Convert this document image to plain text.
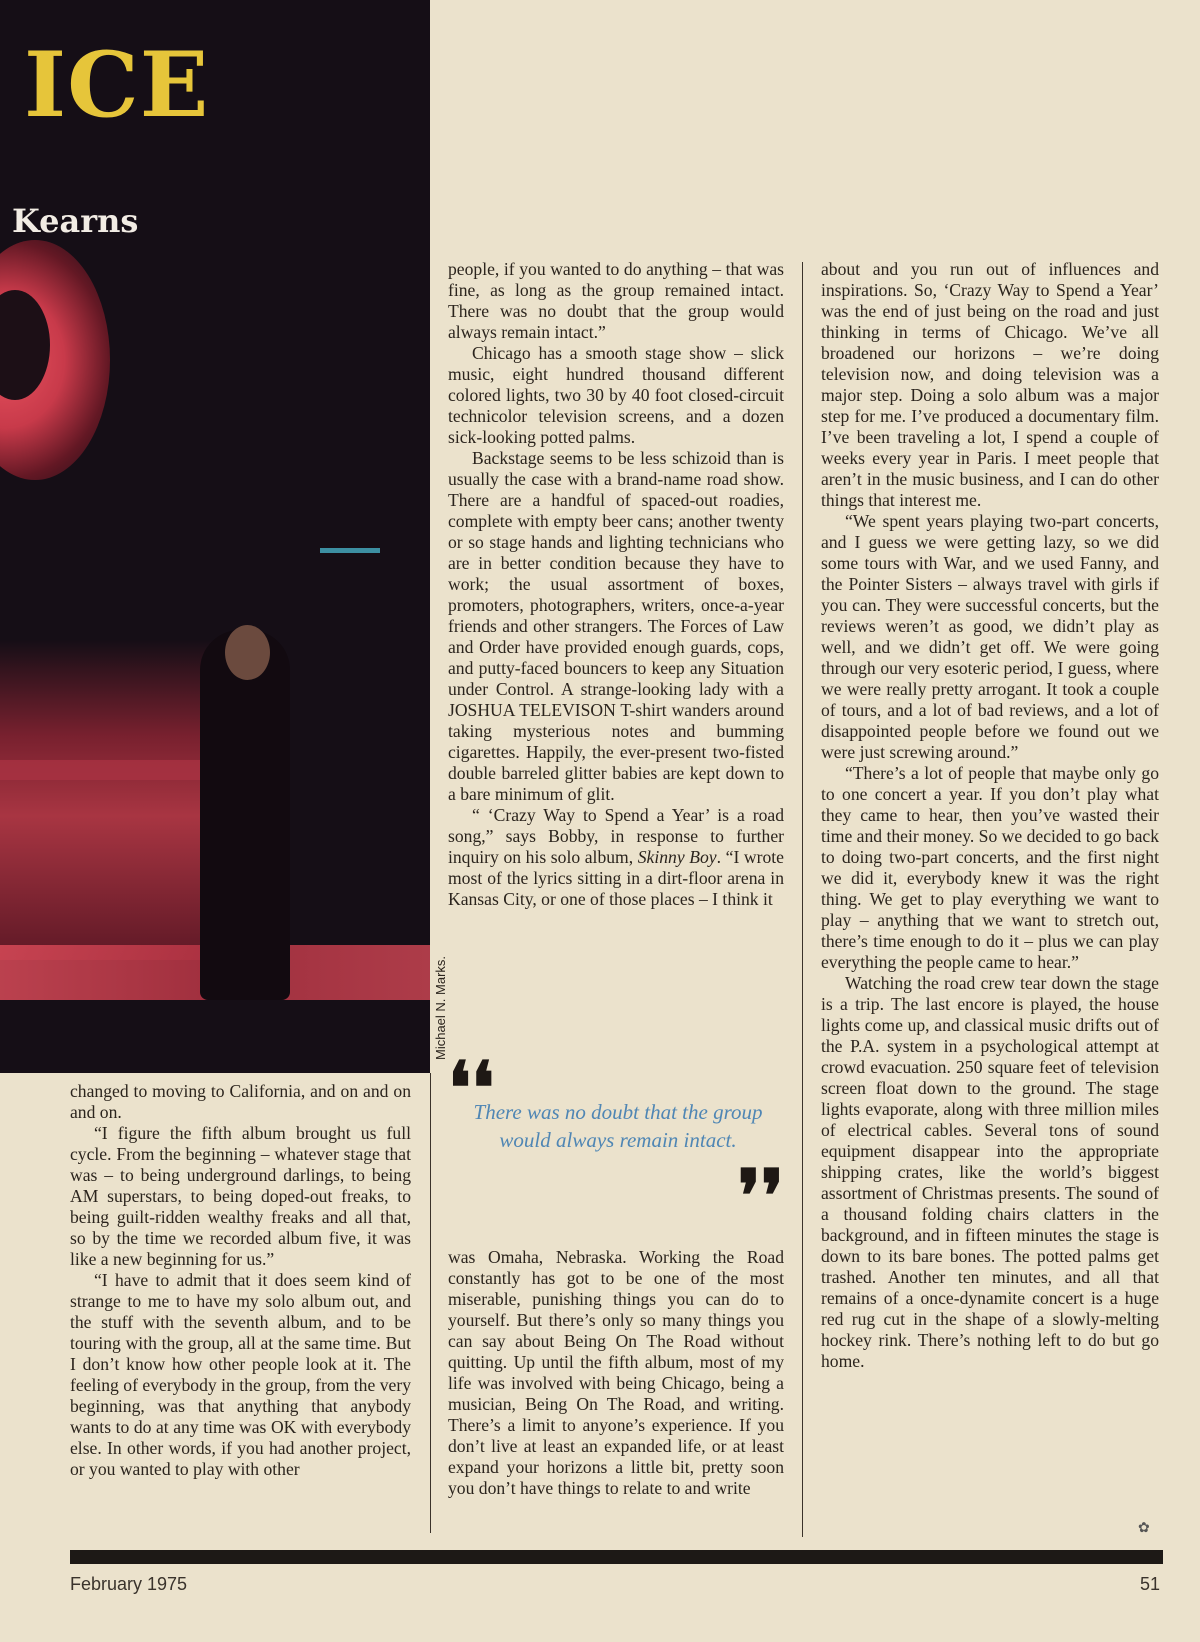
ICE
Kearns
Michael N. Marks.

changed to moving to California, and on and on and on.

“I figure the fifth album brought us full cycle. From the beginning – whatever stage that was – to being underground darlings, to being AM superstars, to being doped-out freaks, to being guilt-ridden wealthy freaks and all that, so by the time we recorded album five, it was like a new beginning for us.”

“I have to admit that it does seem kind of strange to me to have my solo album out, and the stuff with the seventh album, and to be touring with the group, all at the same time. But I don’t know how other people look at it. The feeling of everybody in the group, from the very beginning, was that anything that anybody wants to do at any time was OK with everybody else. In other words, if you had another project, or you wanted to play with other

people, if you wanted to do anything – that was fine, as long as the group remained intact. There was no doubt that the group would always remain intact.”

Chicago has a smooth stage show – slick music, eight hundred thousand different colored lights, two 30 by 40 foot closed-circuit technicolor television screens, and a dozen sick-looking potted palms.

Backstage seems to be less schizoid than is usually the case with a brand-name road show. There are a handful of spaced-out roadies, complete with empty beer cans; another twenty or so stage hands and lighting technicians who are in better condition because they have to work; the usual assortment of boxes, promoters, photographers, writers, once-a-year friends and other strangers. The Forces of Law and Order have provided enough guards, cops, and putty-faced bouncers to keep any Situation under Control. A strange-looking lady with a JOSHUA TELEVISON T-shirt wanders around taking mysterious notes and bumming cigarettes. Happily, the ever-present two-fisted double barreled glitter babies are kept down to a bare minimum of glit.

“ ‘Crazy Way to Spend a Year’ is a road song,” says Bobby, in response to further inquiry on his solo album, Skinny Boy. “I wrote most of the lyrics sitting in a dirt-floor arena in Kansas City, or one of those places – I think it

❛❛

There was no doubt that the group would always remain intact.

❜❜

was Omaha, Nebraska. Working the Road constantly has got to be one of the most miserable, punishing things you can do to yourself. But there’s only so many things you can say about Being On The Road without quitting. Up until the fifth album, most of my life was involved with being Chicago, being a musician, Being On The Road, and writing. There’s a limit to anyone’s experience. If you don’t live at least an expanded life, or at least expand your horizons a little bit, pretty soon you don’t have things to relate to and write

about and you run out of influences and inspirations. So, ‘Crazy Way to Spend a Year’ was the end of just being on the road and just thinking in terms of Chicago. We’ve all broadened our horizons – we’re doing television now, and doing television was a major step. Doing a solo album was a major step for me. I’ve produced a documentary film. I’ve been traveling a lot, I spend a couple of weeks every year in Paris. I meet people that aren’t in the music business, and I can do other things that interest me.

“We spent years playing two-part concerts, and I guess we were getting lazy, so we did some tours with War, and we used Fanny, and the Pointer Sisters – always travel with girls if you can. They were successful concerts, but the reviews weren’t as good, we didn’t play as well, and we didn’t get off. We were going through our very esoteric period, I guess, where we were really pretty arrogant. It took a couple of tours, and a lot of bad reviews, and a lot of disappointed people before we found out we were just screwing around.”

“There’s a lot of people that maybe only go to one concert a year. If you don’t play what they came to hear, then you’ve wasted their time and their money. So we decided to go back to doing two-part concerts, and the first night we did it, everybody knew it was the right thing. We get to play everything we want to play – anything that we want to stretch out, there’s time enough to do it – plus we can play everything the people came to hear.”

Watching the road crew tear down the stage is a trip. The last encore is played, the house lights come up, and classical music drifts out of the P.A. system in a psychological attempt at crowd evacuation. 250 square feet of television screen float down to the ground. The stage lights evaporate, along with three million miles of electrical cables. Several tons of sound equipment disappear into the appropriate shipping crates, like the world’s biggest assortment of Christmas presents. The sound of a thousand folding chairs clatters in the background, and in fifteen minutes the stage is down to its bare bones. The potted palms get trashed. Another ten minutes, and all that remains of a once-dynamite concert is a huge red rug cut in the shape of a slowly-melting hockey rink. There’s nothing left to do but go home.

✿

February 1975	51
